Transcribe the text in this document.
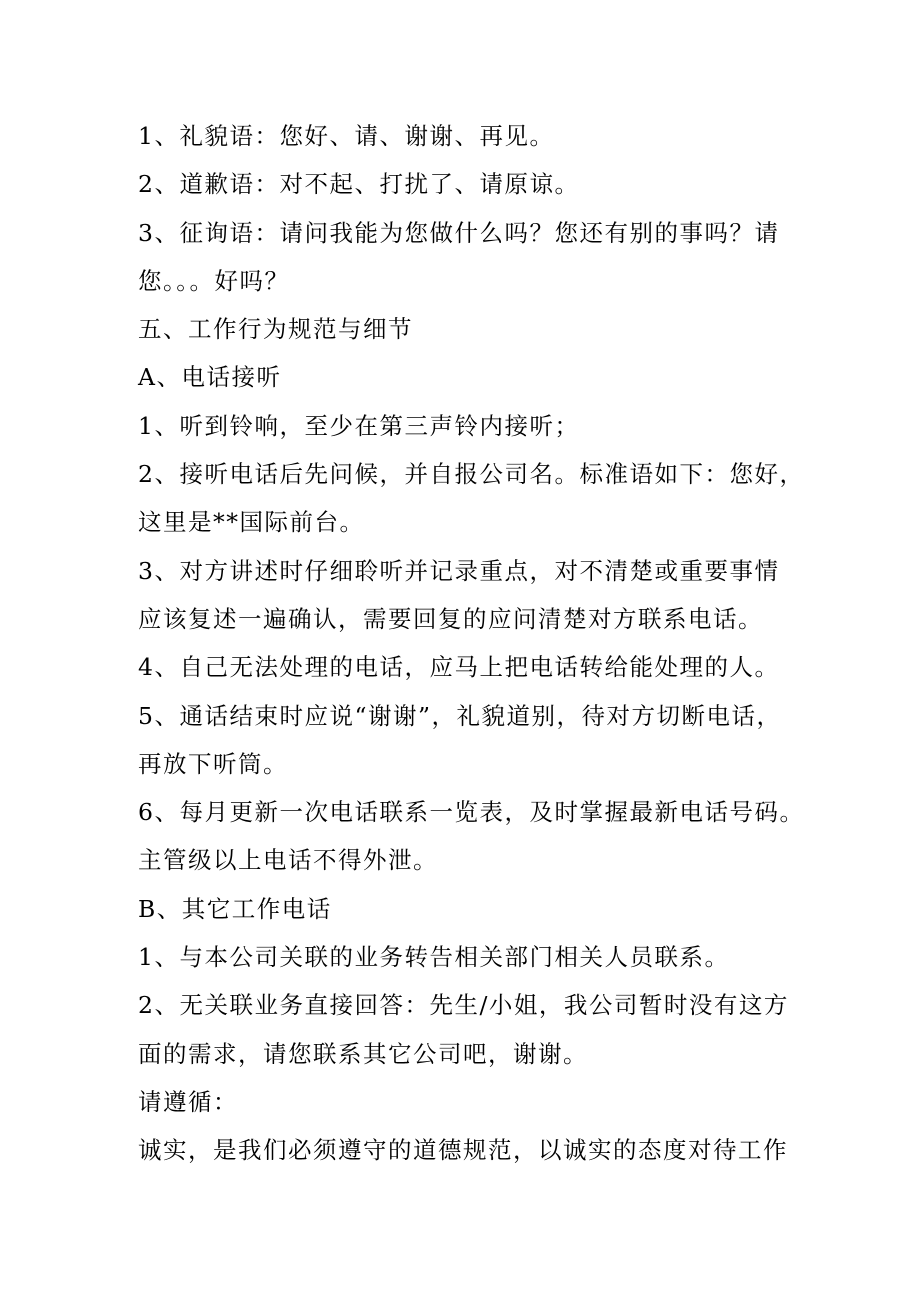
1、礼貌语：您好、请、谢谢、再见。
2、道歉语：对不起、打扰了、请原谅。
3、征询语：请问我能为您做什么吗？您还有别的事吗？请
您。。。好吗？
五、工作行为规范与细节
A、电话接听
1、听到铃响，至少在第三声铃内接听；
2、接听电话后先问候，并自报公司名。标准语如下：您好，
这里是**国际前台。
3、对方讲述时仔细聆听并记录重点，对不清楚或重要事情
应该复述一遍确认，需要回复的应问清楚对方联系电话。
4、自己无法处理的电话，应马上把电话转给能处理的人。
5、通话结束时应说“谢谢”，礼貌道别，待对方切断电话，
再放下听筒。
6、每月更新一次电话联系一览表，及时掌握最新电话号码。
主管级以上电话不得外泄。
B、其它工作电话
1、与本公司关联的业务转告相关部门相关人员联系。
2、无关联业务直接回答：先生/小姐，我公司暂时没有这方
面的需求，请您联系其它公司吧，谢谢。
请遵循：
诚实，是我们必须遵守的道德规范，以诚实的态度对待工作
